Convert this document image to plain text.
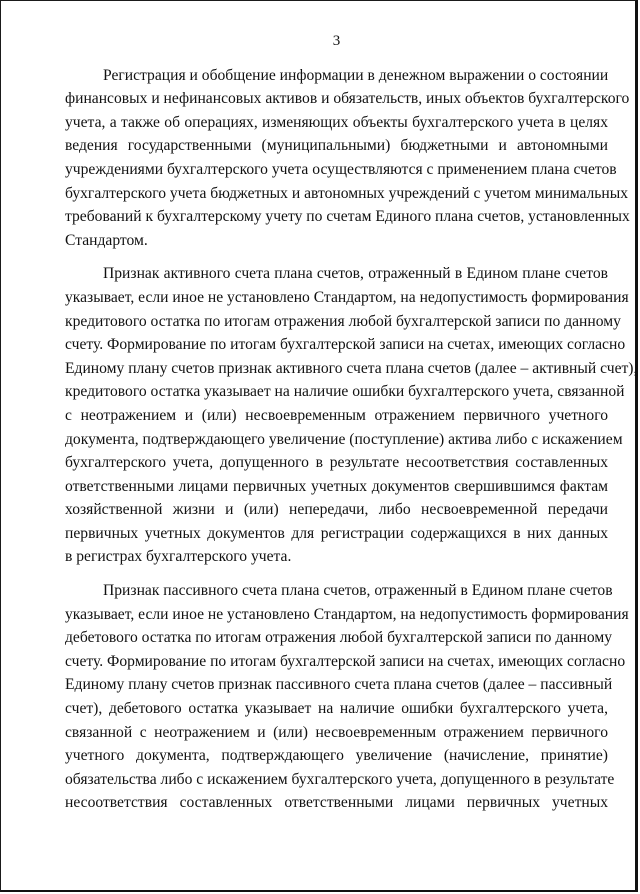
3

Регистрация и обобщение информации в денежном выражении о состоянии
финансовых и нефинансовых активов и обязательств, иных объектов бухгалтерского
учета, а также об операциях, изменяющих объекты бухгалтерского учета в целях
ведения государственными (муниципальными) бюджетными и автономными
учреждениями бухгалтерского учета осуществляются с применением плана счетов
бухгалтерского учета бюджетных и автономных учреждений с учетом минимальных
требований к бухгалтерскому учету по счетам Единого плана счетов, установленных
Стандартом.

Признак активного счета плана счетов, отраженный в Едином плане счетов
указывает, если иное не установлено Стандартом, на недопустимость формирования
кредитового остатка по итогам отражения любой бухгалтерской записи по данному
счету. Формирование по итогам бухгалтерской записи на счетах, имеющих согласно
Единому плану счетов признак активного счета плана счетов (далее – активный счет),
кредитового остатка указывает на наличие ошибки бухгалтерского учета, связанной
с неотражением и (или) несвоевременным отражением первичного учетного
документа, подтверждающего увеличение (поступление) актива либо с искажением
бухгалтерского учета, допущенного в результате несоответствия составленных
ответственными лицами первичных учетных документов свершившимся фактам
хозяйственной жизни и (или) непередачи, либо несвоевременной передачи
первичных учетных документов для регистрации содержащихся в них данных
в регистрах бухгалтерского учета.

Признак пассивного счета плана счетов, отраженный в Едином плане счетов
указывает, если иное не установлено Стандартом, на недопустимость формирования
дебетового остатка по итогам отражения любой бухгалтерской записи по данному
счету. Формирование по итогам бухгалтерской записи на счетах, имеющих согласно
Единому плану счетов признак пассивного счета плана счетов (далее – пассивный
счет), дебетового остатка указывает на наличие ошибки бухгалтерского учета,
связанной с неотражением и (или) несвоевременным отражением первичного
учетного документа, подтверждающего увеличение (начисление, принятие)
обязательства либо с искажением бухгалтерского учета, допущенного в результате
несоответствия составленных ответственными лицами первичных учетных
